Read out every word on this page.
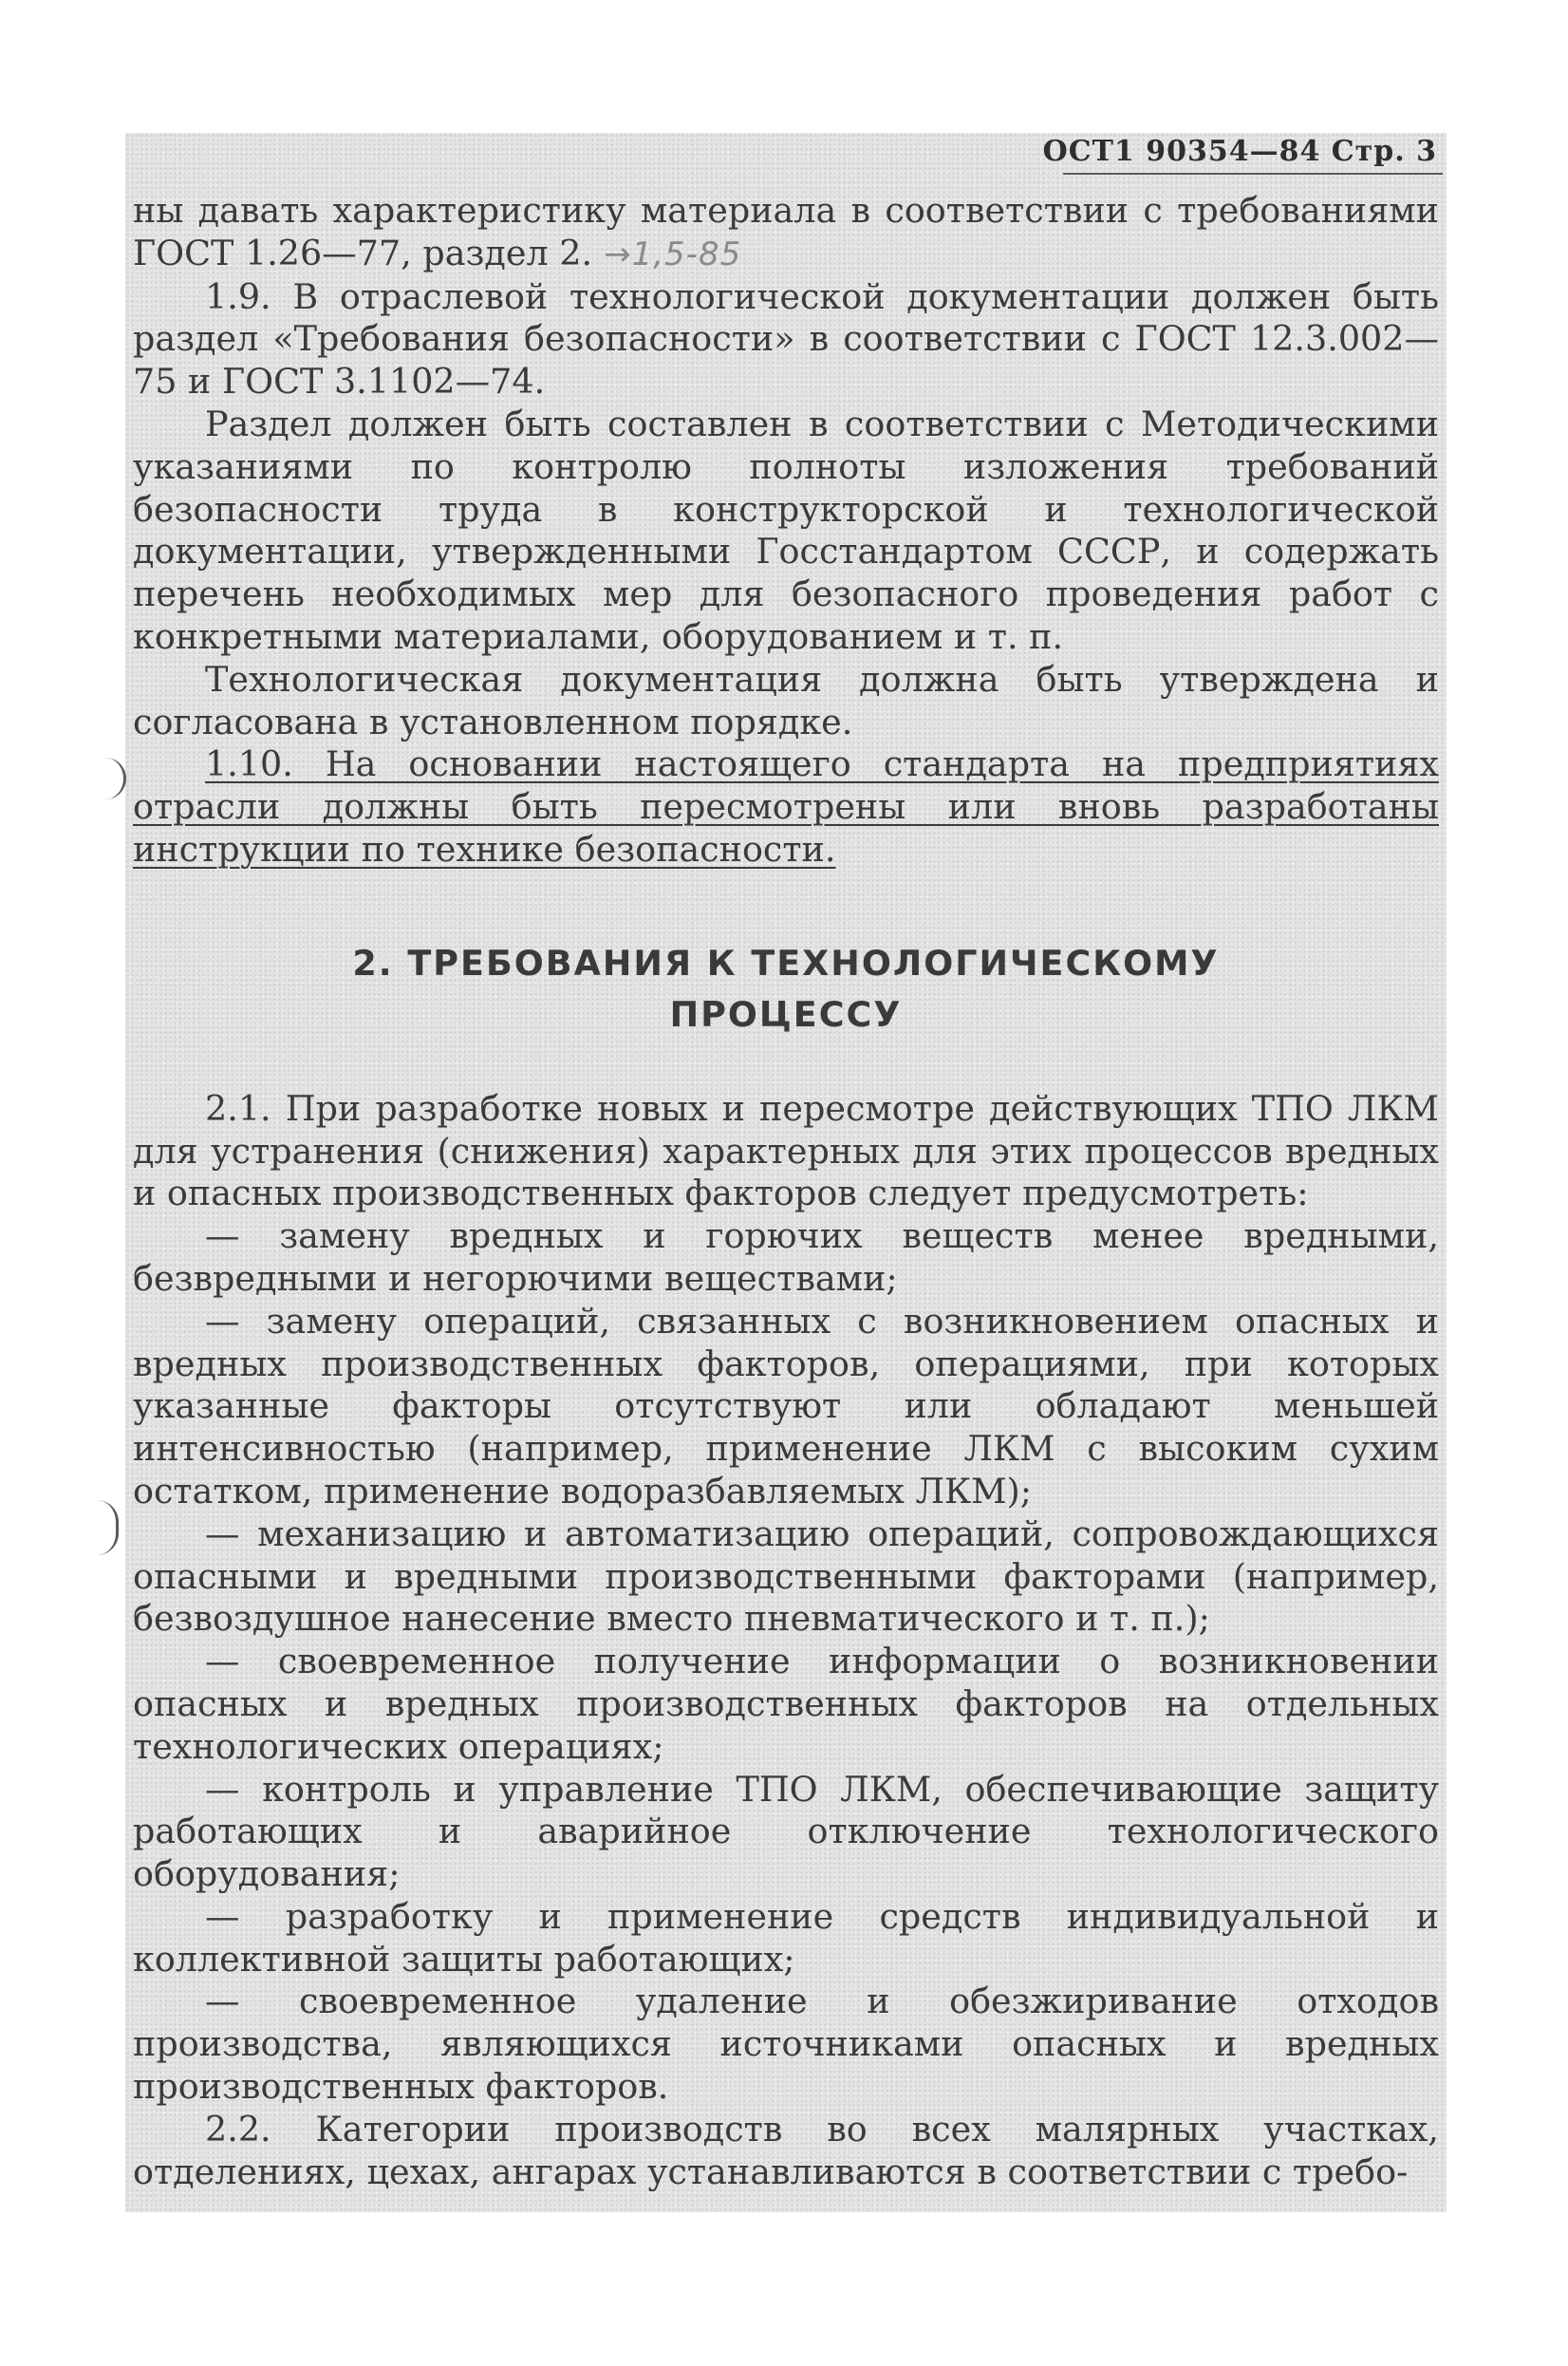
ОСТ1 90354—84 Стр. 3

ны давать характеристику материала в соответствии с требованиями ГОСТ 1.26—77, раздел 2. →1,5-85

1.9. В отраслевой технологической документации должен быть раздел «Требования безопасности» в соответствии с ГОСТ 12.3.002—75 и ГОСТ 3.1102—74.

Раздел должен быть составлен в соответствии с Методическими указаниями по контролю полноты изложения требований безопасности труда в конструкторской и технологической документации, утвержденными Госстандартом СССР, и содержать перечень необходимых мер для безопасного проведения работ с конкретными материалами, оборудованием и т. п.

Технологическая документация должна быть утверждена и согласована в установленном порядке.

1.10. На основании настоящего стандарта на предприятиях отрасли должны быть пересмотрены или вновь разработаны инструкции по технике безопасности.

2. ТРЕБОВАНИЯ К ТЕХНОЛОГИЧЕСКОМУ
ПРОЦЕССУ

2.1. При разработке новых и пересмотре действующих ТПО ЛКМ для устранения (снижения) характерных для этих процессов вредных и опасных производственных факторов следует предусмотреть:

— замену вредных и горючих веществ менее вредными, безвредными и негорючими веществами;

— замену операций, связанных с возникновением опасных и вредных производственных факторов, операциями, при которых указанные факторы отсутствуют или обладают меньшей интенсивностью (например, применение ЛКМ с высоким сухим остатком, применение водоразбавляемых ЛКМ);

— механизацию и автоматизацию операций, сопровождающихся опасными и вредными производственными факторами (например, безвоздушное нанесение вместо пневматического и т. п.);

— своевременное получение информации о возникновении опасных и вредных производственных факторов на отдельных технологических операциях;

— контроль и управление ТПО ЛКМ, обеспечивающие защиту работающих и аварийное отключение технологического оборудования;

— разработку и применение средств индивидуальной и коллективной защиты работающих;

— своевременное удаление и обезжиривание отходов производства, являющихся источниками опасных и вредных производственных факторов.

2.2. Категории производств во всех малярных участках, отделениях, цехах, ангарах устанавливаются в соответствии с требо-
